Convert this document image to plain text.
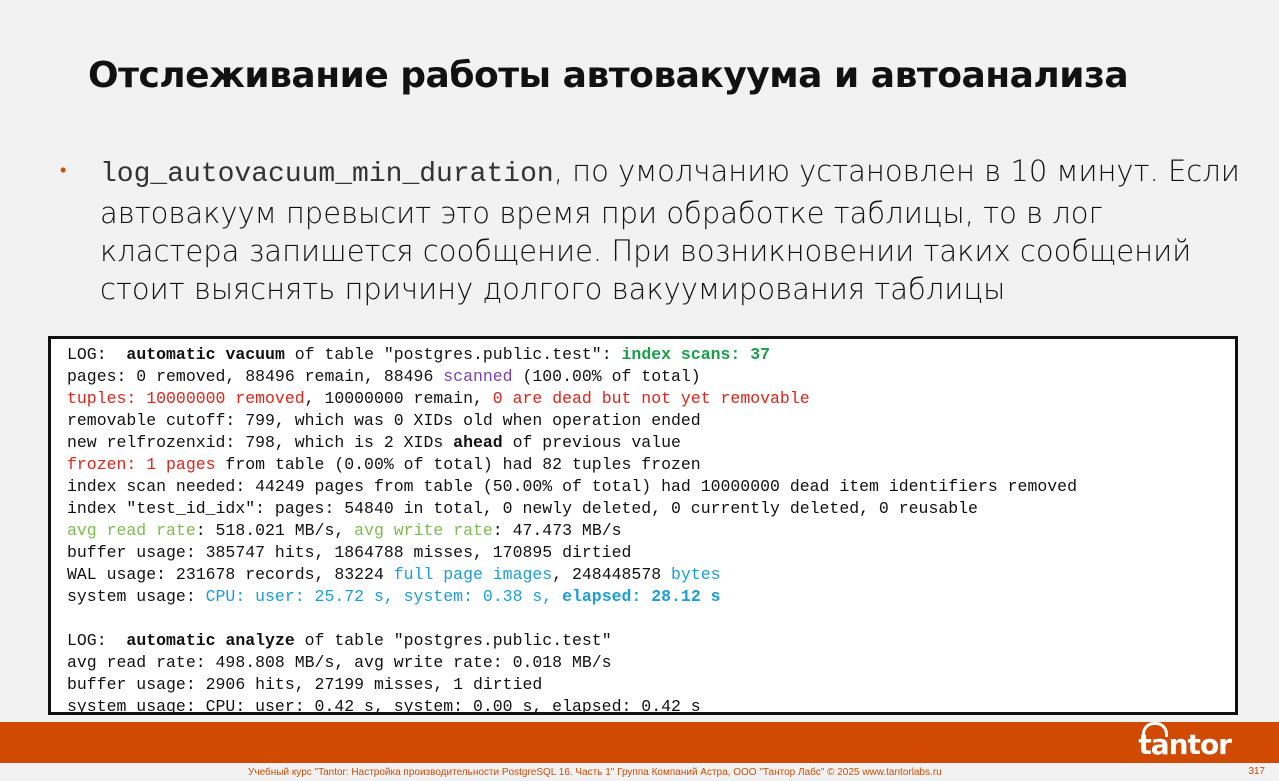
Отслеживание работы автовакуума и автоанализа
• log_autovacuum_min_duration, по умолчанию установлен в 10 минут. Если автовакуум превысит это время при обработке таблицы, то в лог кластера запишется сообщение. При возникновении таких сообщений стоит выяснять причину долгого вакуумирования таблицы
LOG:  automatic vacuum of table "postgres.public.test": index scans: 37
pages: 0 removed, 88496 remain, 88496 scanned (100.00% of total)
tuples: 10000000 removed, 10000000 remain, 0 are dead but not yet removable
removable cutoff: 799, which was 0 XIDs old when operation ended
new relfrozenxid: 798, which is 2 XIDs ahead of previous value
frozen: 1 pages from table (0.00% of total) had 82 tuples frozen
index scan needed: 44249 pages from table (50.00% of total) had 10000000 dead item identifiers removed
index "test_id_idx": pages: 54840 in total, 0 newly deleted, 0 currently deleted, 0 reusable
avg read rate: 518.021 MB/s, avg write rate: 47.473 MB/s
buffer usage: 385747 hits, 1864788 misses, 170895 dirtied
WAL usage: 231678 records, 83224 full page images, 248448578 bytes
system usage: CPU: user: 25.72 s, system: 0.38 s, elapsed: 28.12 s
LOG:  automatic analyze of table "postgres.public.test"
avg read rate: 498.808 MB/s, avg write rate: 0.018 MB/s
buffer usage: 2906 hits, 27199 misses, 1 dirtied
system usage: CPU: user: 0.42 s, system: 0.00 s, elapsed: 0.42 s
tantor
Учебный курс "Tantor: Настройка производительности PostgreSQL 16. Часть 1" Группа Компаний Астра, ООО "Тантор Лабс" © 2025 www.tantorlabs.ru	317
